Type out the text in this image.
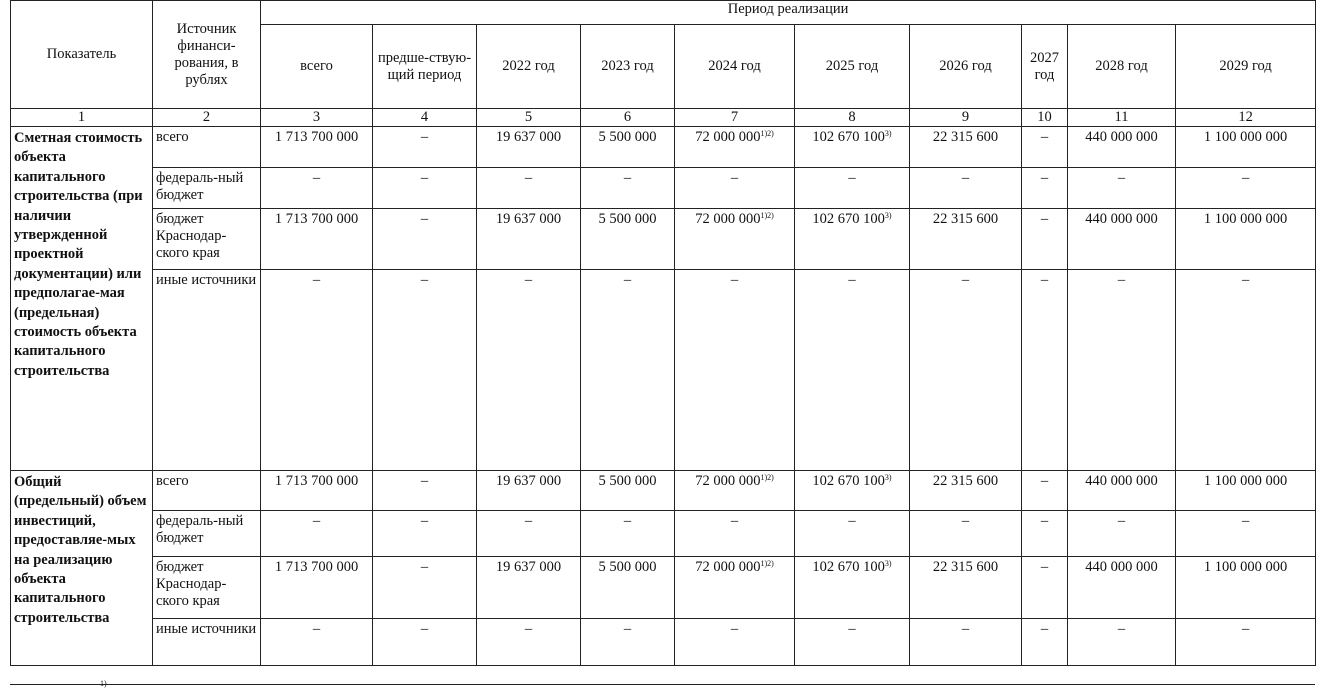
Показатель	Источник финанси-рования, в рублях	Период реализации									
		всего	предше-ствую-щий период	2022 год	2023 год	2024 год	2025 год	2026 год	2027 год	2028 год	2029 год
1	2	3	4	5	6	7	8	9	10	11	12
Сметная стоимость объекта капитального строительства (при наличии утвержденной проектной документации) или предполагае-мая (предельная) стоимость объекта капитального строительства	всего	1 713 700 000	–	19 637 000	5 500 000	72 000 $000^{1)2)}$	102 670 100$^{3)}$	22 315 600	–	440 000 000	1 100 000 000
	федераль-ный бюджет	–	–	–	–	–	–	–	–	–	–
	бюджет Краснодар-ского края	1 713 700 000	–	19 637 000	5 500 000	72 000 $000^{1)2)}$	102 670 100$^{3)}$	22 315 600	–	440 000 000	1 100 000 000
	иные источники	–	–	–	–	–	–	–	–	–	–
Общий (предельный) объем инвестиций, предоставляе-мых на реализацию объекта капитального строительства	всего	1 713 700 000	–	19 637 000	5 500 000	72 000 $000^{1)2)}$	102 670 100$^{3)}$	22 315 600	–	440 000 000	1 100 000 000
	федераль-ный бюджет	–	–	–	–	–	–	–	–	–	–
	бюджет Краснодар-ского края	1 713 700 000	–	19 637 000	5 500 000	72 000 $000^{1)2)}$	102 670 100$^{3)}$	22 315 600	–	440 000 000	1 100 000 000
	иные источники	–	–	–	–	–	–	–	–	–	–
1)
